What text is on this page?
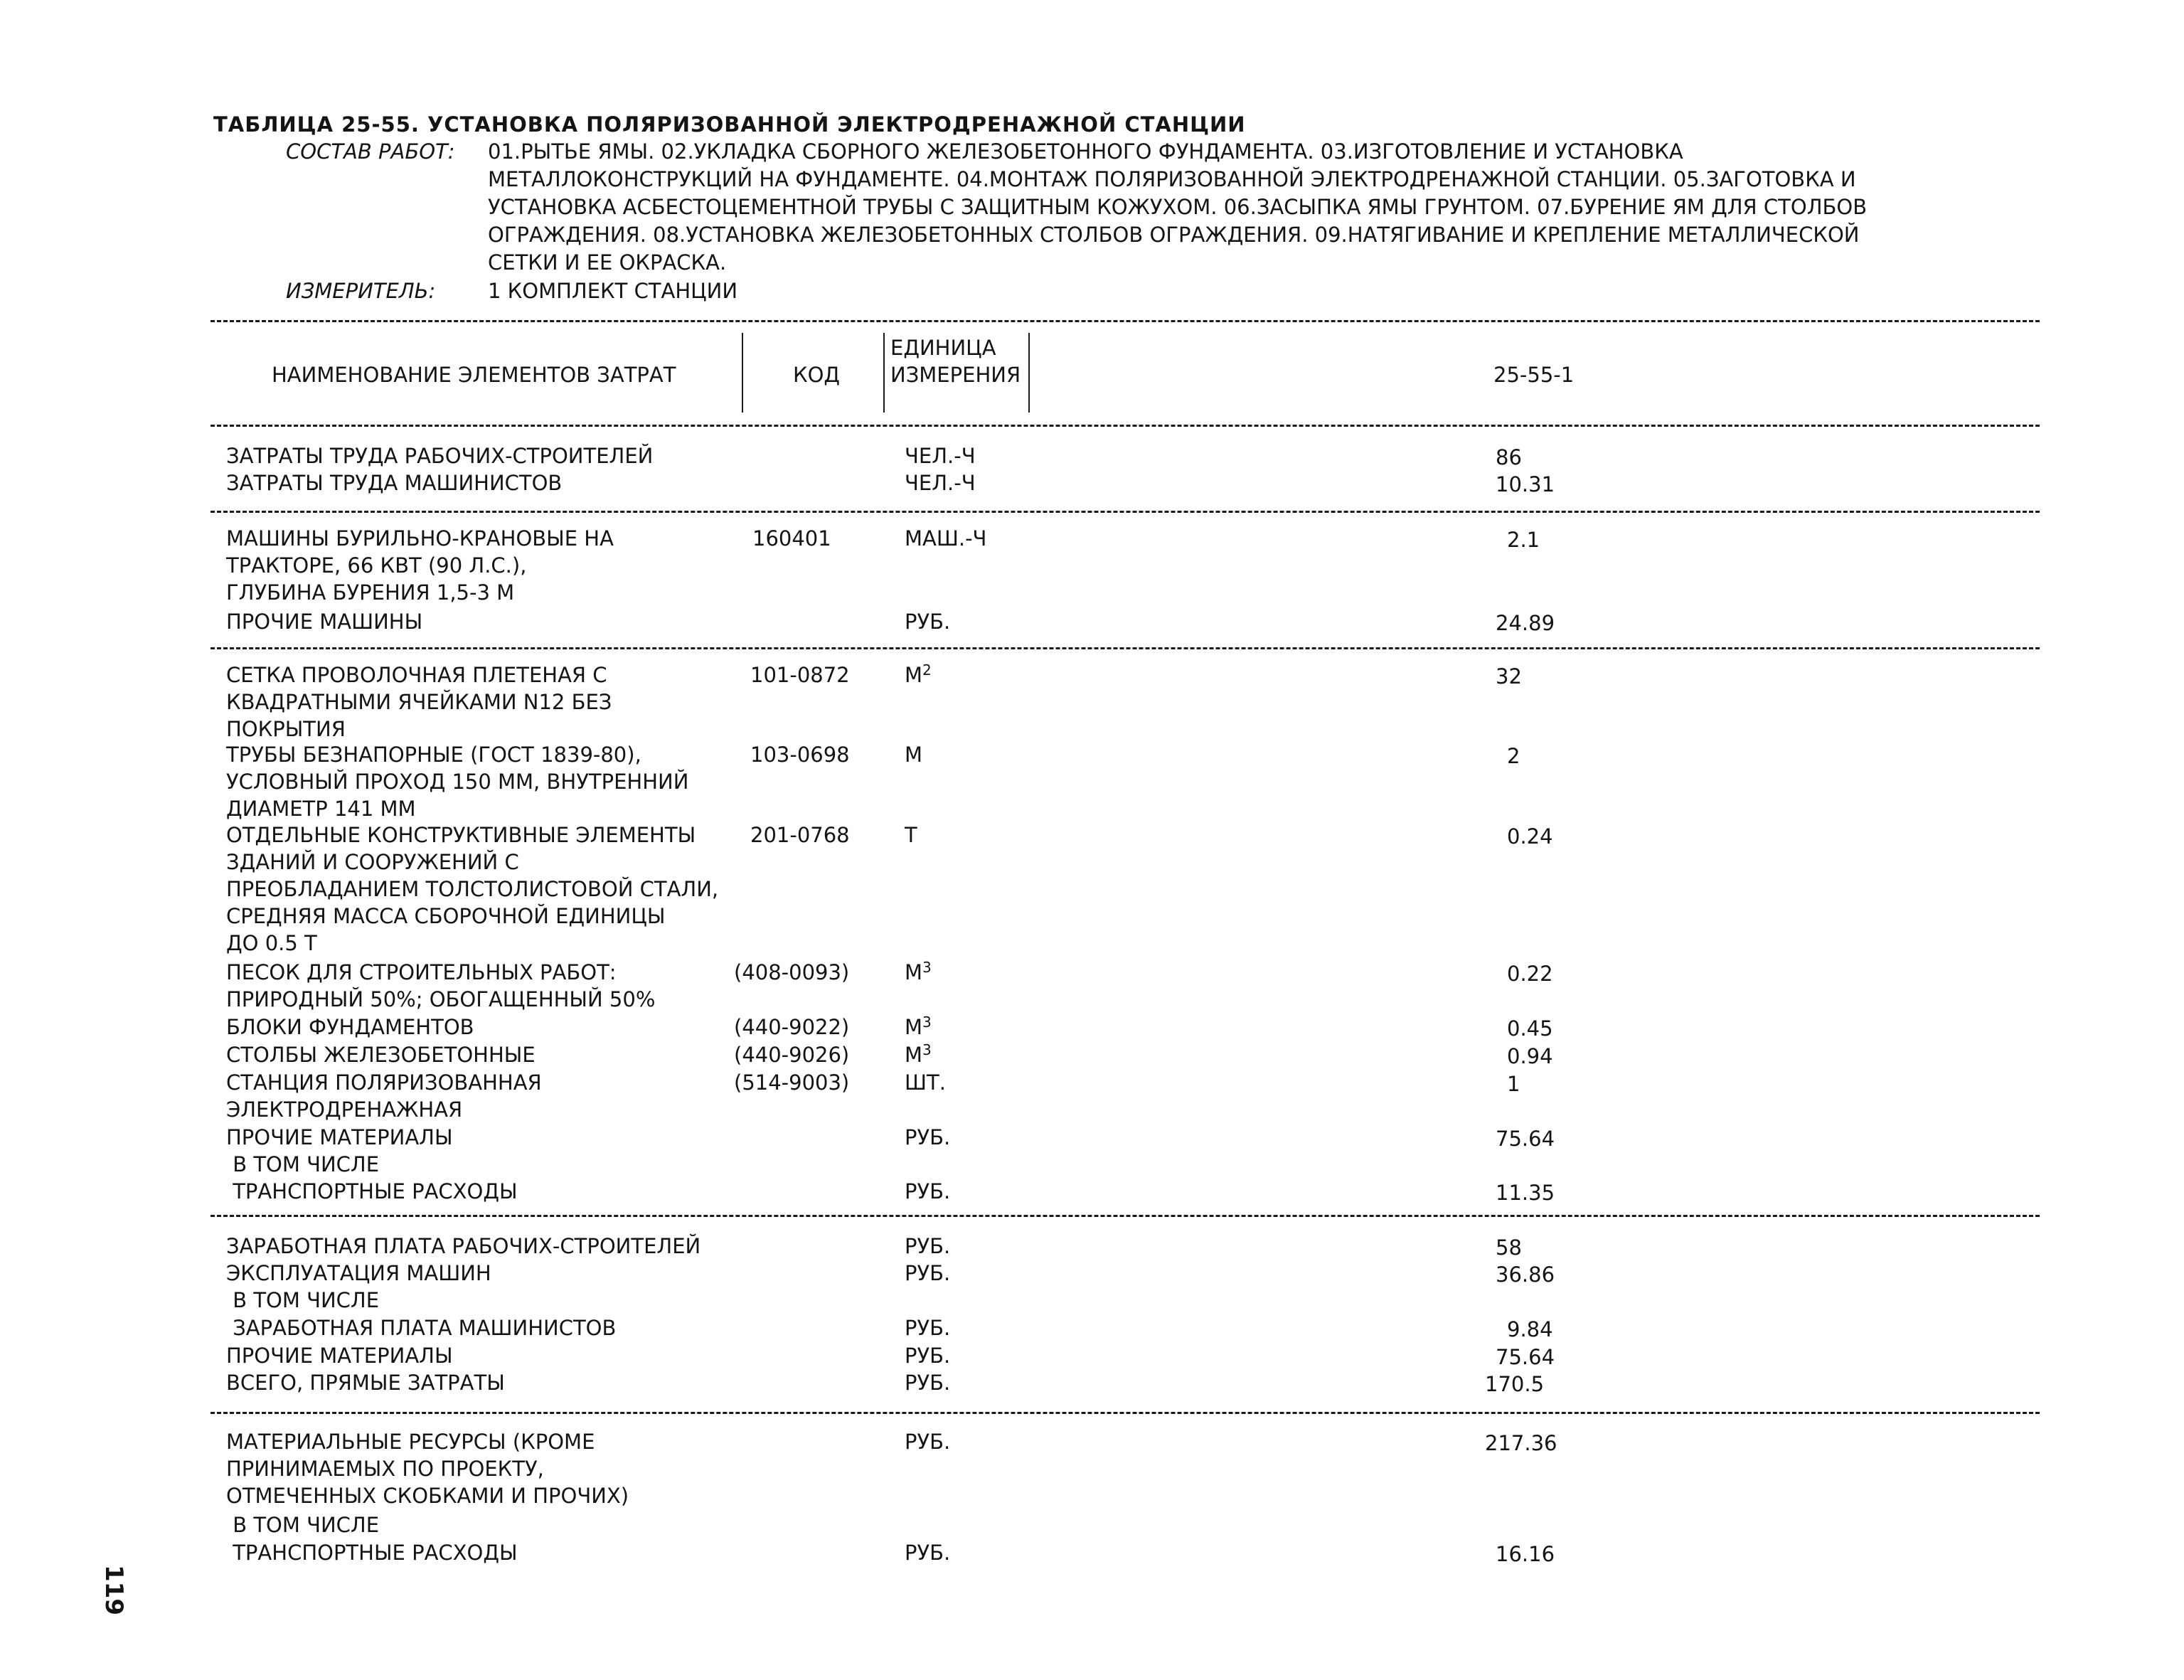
ТАБЛИЦА 25-55. УСТАНОВКА ПОЛЯРИЗОВАННОЙ ЭЛЕКТРОДРЕНАЖНОЙ СТАНЦИИ
СОСТАВ РАБОТ: 01.РЫТЬЕ ЯМЫ. 02.УКЛАДКА СБОРНОГО ЖЕЛЕЗОБЕТОННОГО ФУНДАМЕНТА. 03.ИЗГОТОВЛЕНИЕ И УСТАНОВКА
МЕТАЛЛОКОНСТРУКЦИЙ НА ФУНДАМЕНТЕ. 04.МОНТАЖ ПОЛЯРИЗОВАННОЙ ЭЛЕКТРОДРЕНАЖНОЙ СТАНЦИИ. 05.ЗАГОТОВКА И
УСТАНОВКА АСБЕСТОЦЕМЕНТНОЙ ТРУБЫ С ЗАЩИТНЫМ КОЖУХОМ. 06.ЗАСЫПКА ЯМЫ ГРУНТОМ. 07.БУРЕНИЕ ЯМ ДЛЯ СТОЛБОВ
ОГРАЖДЕНИЯ. 08.УСТАНОВКА ЖЕЛЕЗОБЕТОННЫХ СТОЛБОВ ОГРАЖДЕНИЯ. 09.НАТЯГИВАНИЕ И КРЕПЛЕНИЕ МЕТАЛЛИЧЕСКОЙ
СЕТКИ И ЕЕ ОКРАСКА.
ИЗМЕРИТЕЛЬ:	1 КОМПЛЕКТ СТАНЦИИ
НАИМЕНОВАНИЕ ЭЛЕМЕНТОВ ЗАТРАТ	КОД
ЕДИНИЦА
ИЗМЕРЕНИЯ	25-55-1
ЗАТРАТЫ ТРУДА РАБОЧИХ-СТРОИТЕЛЕЙ	ЧЕЛ.-Ч	86
ЗАТРАТЫ ТРУДА МАШИНИСТОВ	ЧЕЛ.-Ч	10.31
МАШИНЫ БУРИЛЬНО-КРАНОВЫЕ НА
ТРАКТОРЕ, 66 КВТ (90 Л.С.),
ГЛУБИНА БУРЕНИЯ 1,5-3 М
160401	МАШ.-Ч	2.1
ПРОЧИЕ МАШИНЫ	РУБ.	24.89
СЕТКА ПРОВОЛОЧНАЯ ПЛЕТЕНАЯ С
КВАДРАТНЫМИ ЯЧЕЙКАМИ N12 БЕЗ
ПОКРЫТИЯ
101-0872	$М^2$	32
ТРУБЫ БЕЗНАПОРНЫЕ (ГОСТ 1839-80),
УСЛОВНЫЙ ПРОХОД 150 ММ, ВНУТРЕННИЙ
ДИАМЕТР 141 ММ
103-0698	М	2
ОТДЕЛЬНЫЕ КОНСТРУКТИВНЫЕ ЭЛЕМЕНТЫ
ЗДАНИЙ И СООРУЖЕНИЙ С
ПРЕОБЛАДАНИЕМ ТОЛСТОЛИСТОВОЙ СТАЛИ,
СРЕДНЯЯ МАССА СБОРОЧНОЙ ЕДИНИЦЫ
ДО 0.5 Т
201-0768	Т	0.24
ПЕСОК ДЛЯ СТРОИТЕЛЬНЫХ РАБОТ:
ПРИРОДНЫЙ 50%; ОБОГАЩЕННЫЙ 50%
(408-0093)	$М^3$	0.22
БЛОКИ ФУНДАМЕНТОВ	(440-9022)	$М^3$	0.45
СТОЛБЫ ЖЕЛЕЗОБЕТОННЫЕ	(440-9026)	$М^3$	0.94
СТАНЦИЯ ПОЛЯРИЗОВАННАЯ
ЭЛЕКТРОДРЕНАЖНАЯ
(514-9003)	ШТ.	1
ПРОЧИЕ МАТЕРИАЛЫ	РУБ.	75.64
В ТОМ ЧИСЛЕ
ТРАНСПОРТНЫЕ РАСХОДЫ	РУБ.	11.35
ЗАРАБОТНАЯ ПЛАТА РАБОЧИХ-СТРОИТЕЛЕЙ	РУБ.	58
ЭКСПЛУАТАЦИЯ МАШИН	РУБ.	36.86
В ТОМ ЧИСЛЕ
ЗАРАБОТНАЯ ПЛАТА МАШИНИСТОВ	РУБ.	9.84
ПРОЧИЕ МАТЕРИАЛЫ	РУБ.	75.64
ВСЕГО, ПРЯМЫЕ ЗАТРАТЫ	РУБ.	170.5
МАТЕРИАЛЬНЫЕ РЕСУРСЫ (КРОМЕ
ПРИНИМАЕМЫХ ПО ПРОЕКТУ,
ОТМЕЧЕННЫХ СКОБКАМИ И ПРОЧИХ)
РУБ.	217.36
В ТОМ ЧИСЛЕ
ТРАНСПОРТНЫЕ РАСХОДЫ	РУБ.	16.16
119
